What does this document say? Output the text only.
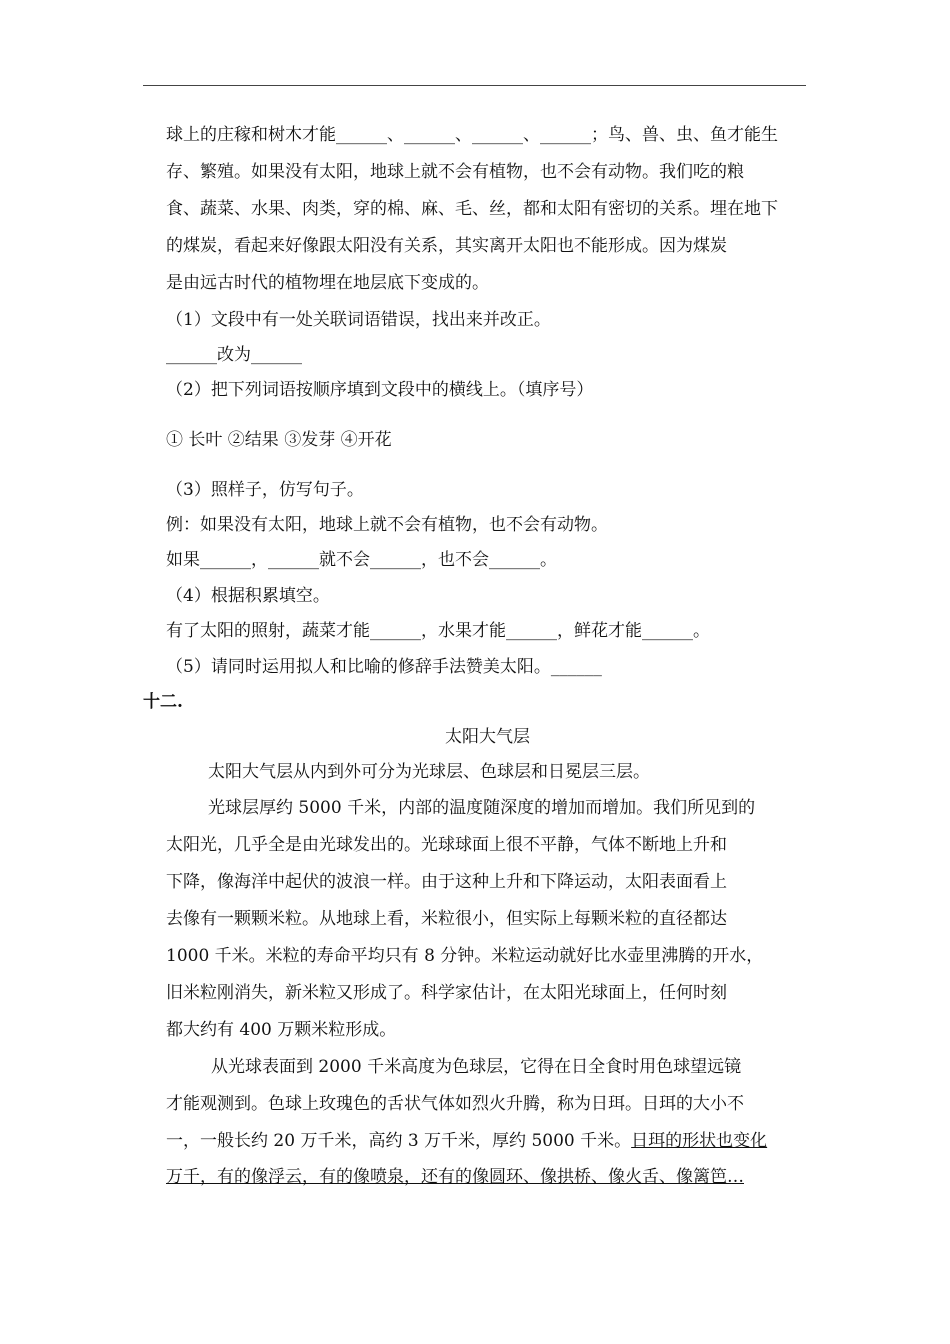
球上的庄稼和树木才能______、______、______、______；鸟、兽、虫、鱼才能生
存、繁殖。如果没有太阳，地球上就不会有植物，也不会有动物。我们吃的粮
食、蔬菜、水果、肉类，穿的棉、麻、毛、丝，都和太阳有密切的关系。埋在地下
的煤炭，看起来好像跟太阳没有关系，其实离开太阳也不能形成。因为煤炭
是由远古时代的植物埋在地层底下变成的。
（1）文段中有一处关联词语错误，找出来并改正。
______改为______
（2）把下列词语按顺序填到文段中的横线上。（填序号）
① 长叶 ②结果 ③发芽 ④开花
（3）照样子，仿写句子。
例：如果没有太阳，地球上就不会有植物，也不会有动物。
如果______，______就不会______，也不会______。
（4）根据积累填空。
有了太阳的照射，蔬菜才能______，水果才能______，鲜花才能______。
（5）请同时运用拟人和比喻的修辞手法赞美太阳。______
十二.
太阳大气层
太阳大气层从内到外可分为光球层、色球层和日冕层三层。
光球层厚约 5000 千米，内部的温度随深度的增加而增加。我们所见到的
太阳光，几乎全是由光球发出的。光球球面上很不平静，气体不断地上升和
下降，像海洋中起伏的波浪一样。由于这种上升和下降运动，太阳表面看上
去像有一颗颗米粒。从地球上看，米粒很小，但实际上每颗米粒的直径都达
1000 千米。米粒的寿命平均只有 8 分钟。米粒运动就好比水壶里沸腾的开水，
旧米粒刚消失，新米粒又形成了。科学家估计，在太阳光球面上，任何时刻
都大约有 400 万颗米粒形成。
从光球表面到 2000 千米高度为色球层，它得在日全食时用色球望远镜
才能观测到。色球上玫瑰色的舌状气体如烈火升腾，称为日珥。日珥的大小不
一，一般长约 20 万千米，高约 3 万千米，厚约 5000 千米。日珥的形状也变化
万千，有的像浮云，有的像喷泉，还有的像圆环、像拱桥、像火舌、像篱笆…
